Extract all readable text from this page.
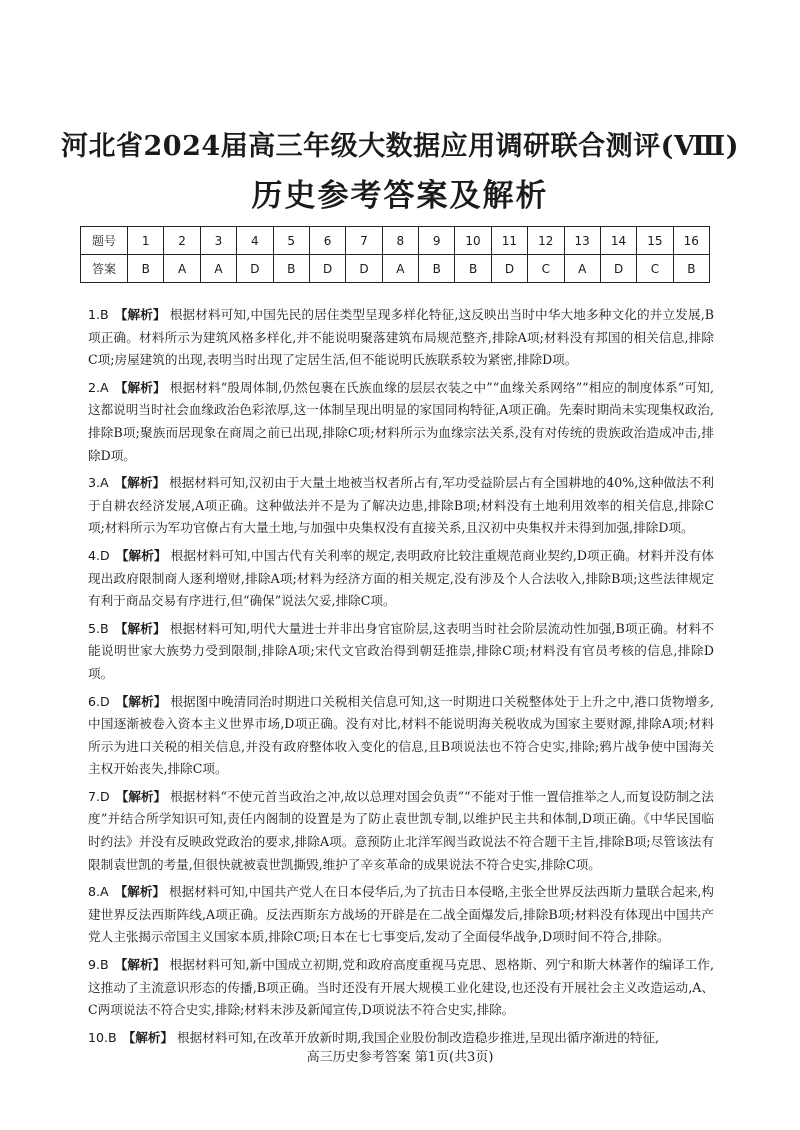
河北省2024届高三年级大数据应用调研联合测评(Ⅷ)
历史参考答案及解析
题号	1	2	3	4	5	6	7	8	9	10	11	12	13	14	15	16
答案	B	A	A	D	B	D	D	A	B	B	D	C	A	D	C	B
1.B 【解析】 根据材料可知,中国先民的居住类型呈现多样化特征,这反映出当时中华大地多种文化的并立发展,B项正确。材料所示为建筑风格多样化,并不能说明聚落建筑布局规范整齐,排除A项;材料没有邦国的相关信息,排除C项;房屋建筑的出现,表明当时出现了定居生活,但不能说明氏族联系较为紧密,排除D项。
2.A 【解析】 根据材料“殷周体制,仍然包裹在氏族血缘的层层衣装之中”“血缘关系网络”“相应的制度体系”可知,这都说明当时社会血缘政治色彩浓厚,这一体制呈现出明显的家国同构特征,A项正确。先秦时期尚未实现集权政治,排除B项;聚族而居现象在商周之前已出现,排除C项;材料所示为血缘宗法关系,没有对传统的贵族政治造成冲击,排除D项。
3.A 【解析】 根据材料可知,汉初由于大量土地被当权者所占有,军功受益阶层占有全国耕地的40%,这种做法不利于自耕农经济发展,A项正确。这种做法并不是为了解决边患,排除B项;材料没有土地利用效率的相关信息,排除C项;材料所示为军功官僚占有大量土地,与加强中央集权没有直接关系,且汉初中央集权并未得到加强,排除D项。
4.D 【解析】 根据材料可知,中国古代有关利率的规定,表明政府比较注重规范商业契约,D项正确。材料并没有体现出政府限制商人逐利增财,排除A项;材料为经济方面的相关规定,没有涉及个人合法收入,排除B项;这些法律规定有利于商品交易有序进行,但“确保”说法欠妥,排除C项。
5.B 【解析】 根据材料可知,明代大量进士并非出身官宦阶层,这表明当时社会阶层流动性加强,B项正确。材料不能说明世家大族势力受到限制,排除A项;宋代文官政治得到朝廷推崇,排除C项;材料没有官员考核的信息,排除D项。
6.D 【解析】 根据图中晚清同治时期进口关税相关信息可知,这一时期进口关税整体处于上升之中,港口货物增多,中国逐渐被卷入资本主义世界市场,D项正确。没有对比,材料不能说明海关税收成为国家主要财源,排除A项;材料所示为进口关税的相关信息,并没有政府整体收入变化的信息,且B项说法也不符合史实,排除;鸦片战争使中国海关主权开始丧失,排除C项。
7.D 【解析】 根据材料“不使元首当政治之冲,故以总理对国会负责”“不能对于惟一置信推举之人,而复设防制之法度”并结合所学知识可知,责任内阁制的设置是为了防止袁世凯专制,以维护民主共和体制,D项正确。《中华民国临时约法》并没有反映政党政治的要求,排除A项。意预防止北洋军阀当政说法不符合题干主旨,排除B项;尽管该法有限制袁世凯的考量,但很快就被袁世凯撕毁,维护了辛亥革命的成果说法不符合史实,排除C项。
8.A 【解析】 根据材料可知,中国共产党人在日本侵华后,为了抗击日本侵略,主张全世界反法西斯力量联合起来,构建世界反法西斯阵线,A项正确。反法西斯东方战场的开辟是在二战全面爆发后,排除B项;材料没有体现出中国共产党人主张揭示帝国主义国家本质,排除C项;日本在七七事变后,发动了全面侵华战争,D项时间不符合,排除。
9.B 【解析】 根据材料可知,新中国成立初期,党和政府高度重视马克思、恩格斯、列宁和斯大林著作的编译工作,这推动了主流意识形态的传播,B项正确。当时还没有开展大规模工业化建设,也还没有开展社会主义改造运动,A、C两项说法不符合史实,排除;材料未涉及新闻宣传,D项说法不符合史实,排除。
10.B 【解析】 根据材料可知,在改革开放新时期,我国企业股份制改造稳步推进,呈现出循序渐进的特征,
高三历史参考答案 第1页(共3页)
